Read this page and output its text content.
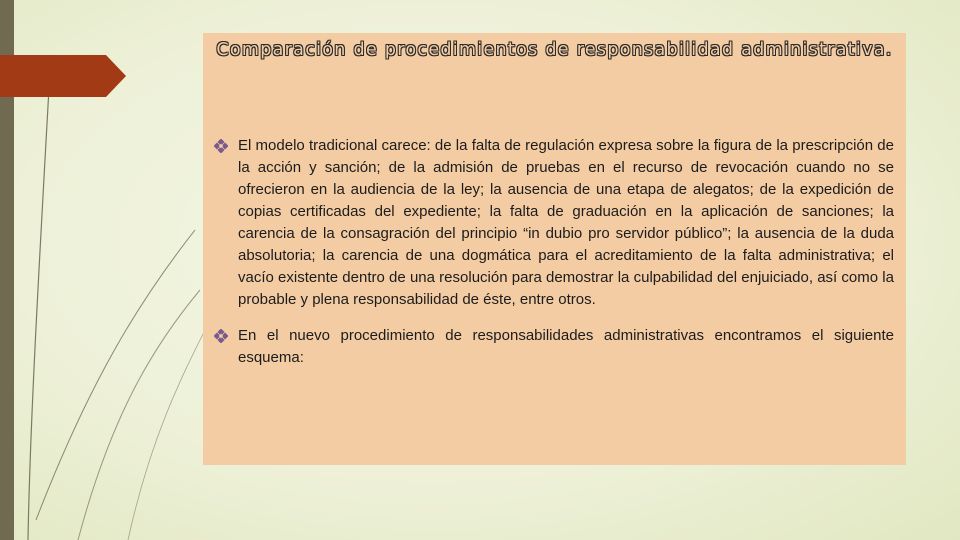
Comparación de procedimientos de responsabilidad administrativa.
El modelo tradicional carece: de la falta de regulación expresa sobre la figura de la prescripción de la acción y sanción; de la admisión de pruebas en el recurso de revocación cuando no se ofrecieron en la audiencia de la ley; la ausencia de una etapa de alegatos; de la expedición de copias certificadas del expediente; la falta de graduación en la aplicación de sanciones; la carencia de la consagración del principio “in dubio pro servidor público”; la ausencia de la duda absolutoria; la carencia de una dogmática para el acreditamiento de la falta administrativa; el vacío existente dentro de una resolución para demostrar la culpabilidad del enjuiciado, así como la probable y plena responsabilidad de éste, entre otros.
En el nuevo procedimiento de responsabilidades administrativas encontramos el siguiente esquema:
